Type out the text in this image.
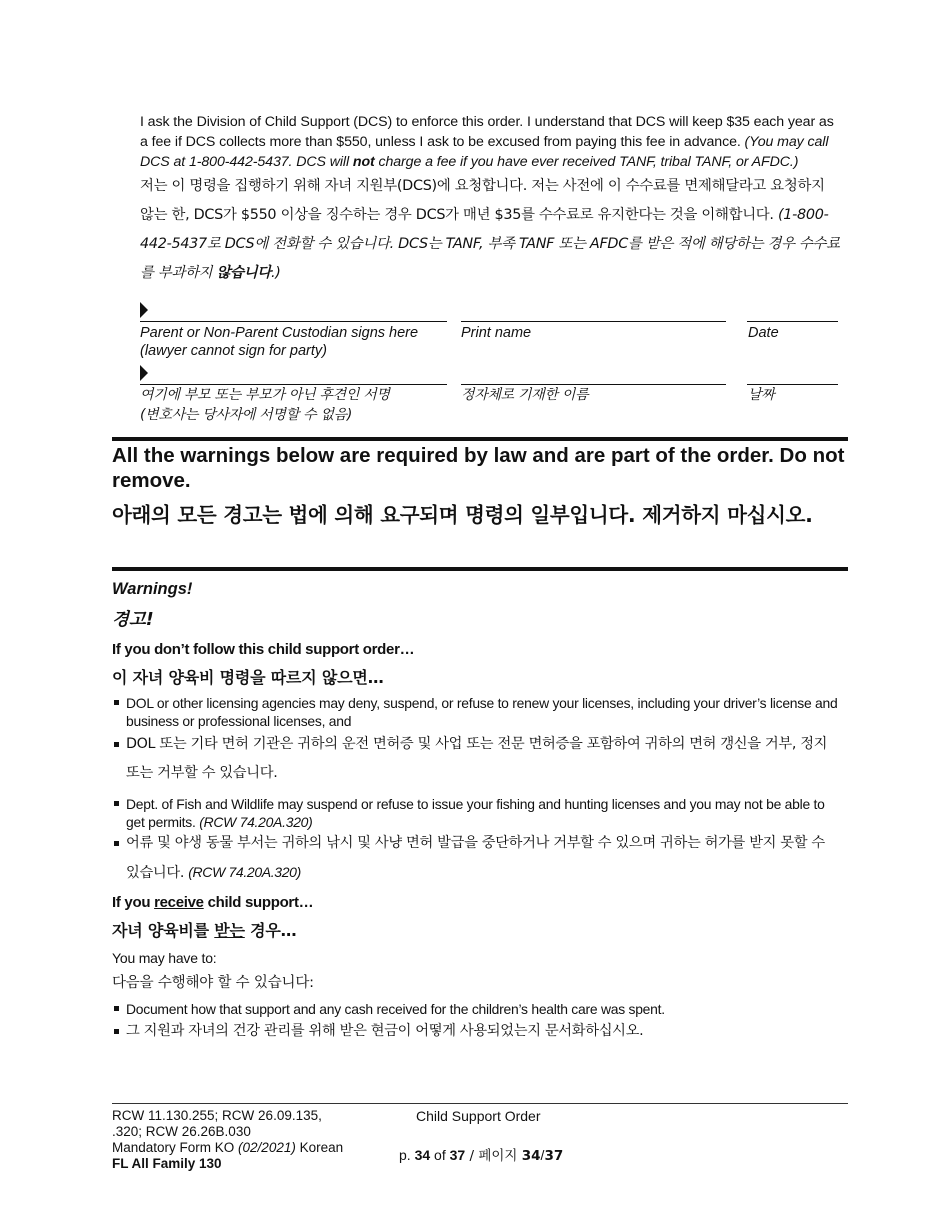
I ask the Division of Child Support (DCS) to enforce this order. I understand that DCS will keep $35 each year as a fee if DCS collects more than $550, unless I ask to be excused from paying this fee in advance. (You may call DCS at 1-800-442-5437. DCS will not charge a fee if you have ever received TANF, tribal TANF, or AFDC.)
저는 이 명령을 집행하기 위해 자녀 지원부(DCS)에 요청합니다. 저는 사전에 이 수수료를 면제해달라고 요청하지 않는 한, DCS가 $550 이상을 징수하는 경우 DCS가 매년 $35를 수수료로 유지한다는 것을 이해합니다. (1-800-442-5437로 DCS에 전화할 수 있습니다. DCS는 TANF, 부족 TANF 또는 AFDC를 받은 적에 해당하는 경우 수수료를 부과하지 않습니다.)
Parent or Non-Parent Custodian signs here
(lawyer cannot sign for party)
Print name	Date
여기에 부모 또는 부모가 아닌 후견인 서명
(변호사는 당사자에 서명할 수 없음)
정자체로 기재한 이름	날짜
All the warnings below are required by law and are part of the order. Do not remove.
아래의 모든 경고는 법에 의해 요구되며 명령의 일부입니다. 제거하지 마십시오.
Warnings!
경고!
If you don’t follow this child support order…
이 자녀 양육비 명령을 따르지 않으면…
DOL or other licensing agencies may deny, suspend, or refuse to renew your licenses, including your driver’s license and business or professional licenses, and
DOL 또는 기타 면허 기관은 귀하의 운전 면허증 및 사업 또는 전문 면허증을 포함하여 귀하의 면허 갱신을 거부, 정지 또는 거부할 수 있습니다.
Dept. of Fish and Wildlife may suspend or refuse to issue your fishing and hunting licenses and you may not be able to get permits. (RCW 74.20A.320)
어류 및 야생 동물 부서는 귀하의 낚시 및 사냥 면허 발급을 중단하거나 거부할 수 있으며 귀하는 허가를 받지 못할 수 있습니다. (RCW 74.20A.320)
If you receive child support…
자녀 양육비를 받는 경우…
You may have to:
다음을 수행해야 할 수 있습니다:
Document how that support and any cash received for the children’s health care was spent.
그 지원과 자녀의 건강 관리를 위해 받은 현금이 어떻게 사용되었는지 문서화하십시오.
RCW 11.130.255; RCW 26.09.135,
.320; RCW 26.26B.030
Mandatory Form KO (02/2021) Korean
FL All Family 130
Child Support Order
p. 34 of 37 / 페이지 34/37
